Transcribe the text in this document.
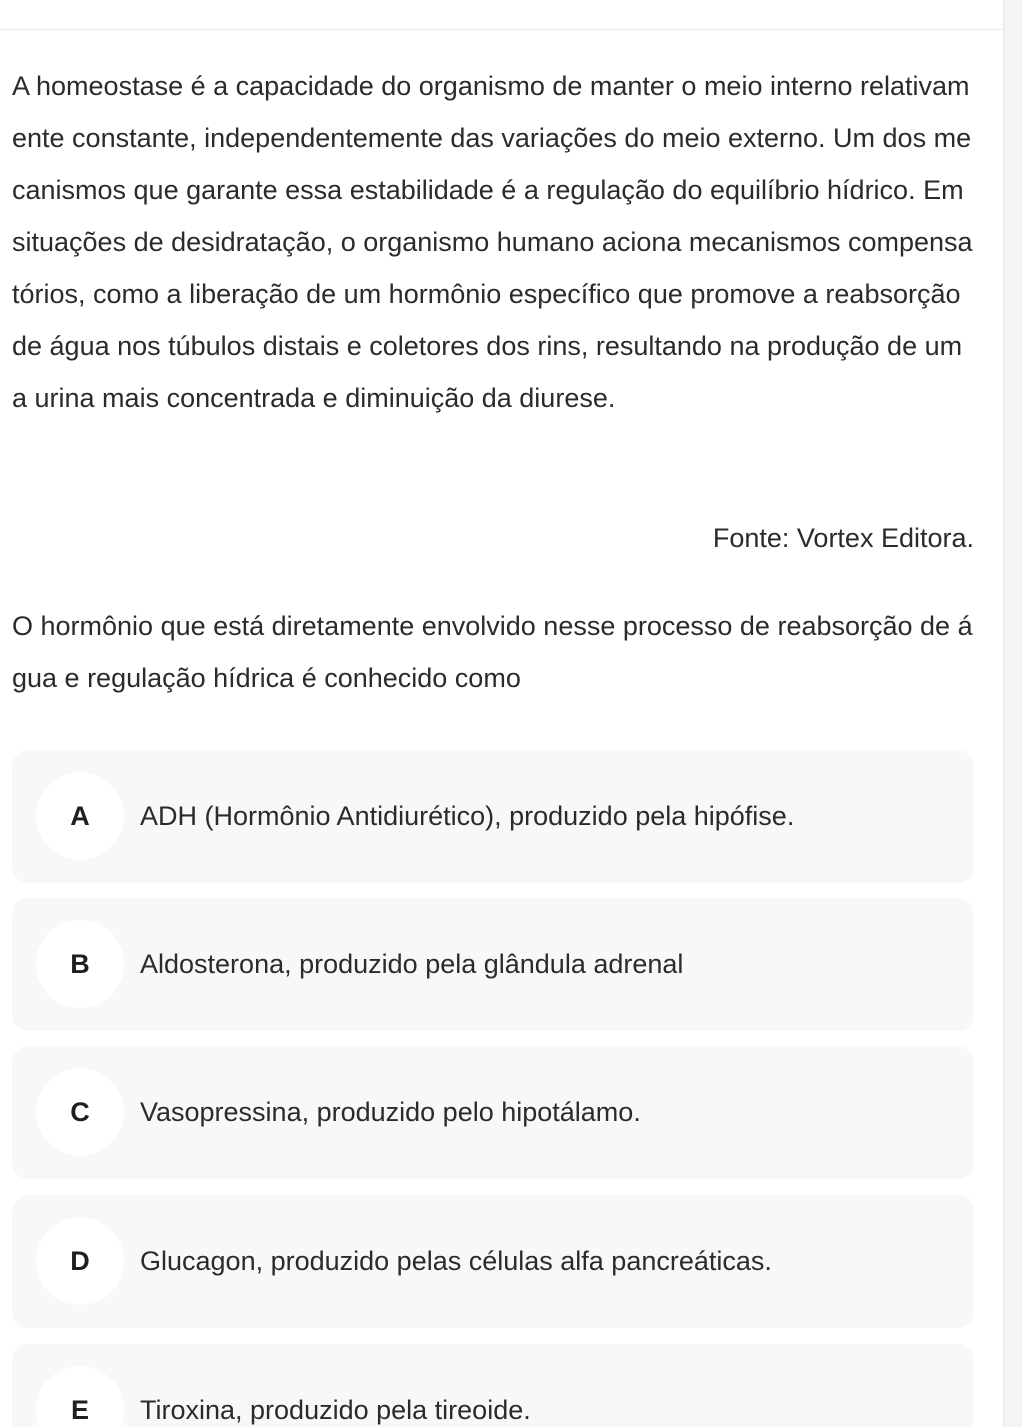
A homeostase é a capacidade do organismo de manter o meio interno relativamente constante, independentemente das variações do meio externo. Um dos mecanismos que garante essa estabilidade é a regulação do equilíbrio hídrico. Em situações de desidratação, o organismo humano aciona mecanismos compensatórios, como a liberação de um hormônio específico que promove a reabsorção de água nos túbulos distais e coletores dos rins, resultando na produção de uma urina mais concentrada e diminuição da diurese.

Fonte: Vortex Editora.

O hormônio que está diretamente envolvido nesse processo de reabsorção de água e regulação hídrica é conhecido como

A	ADH (Hormônio Antidiurético), produzido pela hipófise.
B	Aldosterona, produzido pela glândula adrenal
C	Vasopressina, produzido pelo hipotálamo.
D	Glucagon, produzido pelas células alfa pancreáticas.
E	Tiroxina, produzido pela tireoide.
